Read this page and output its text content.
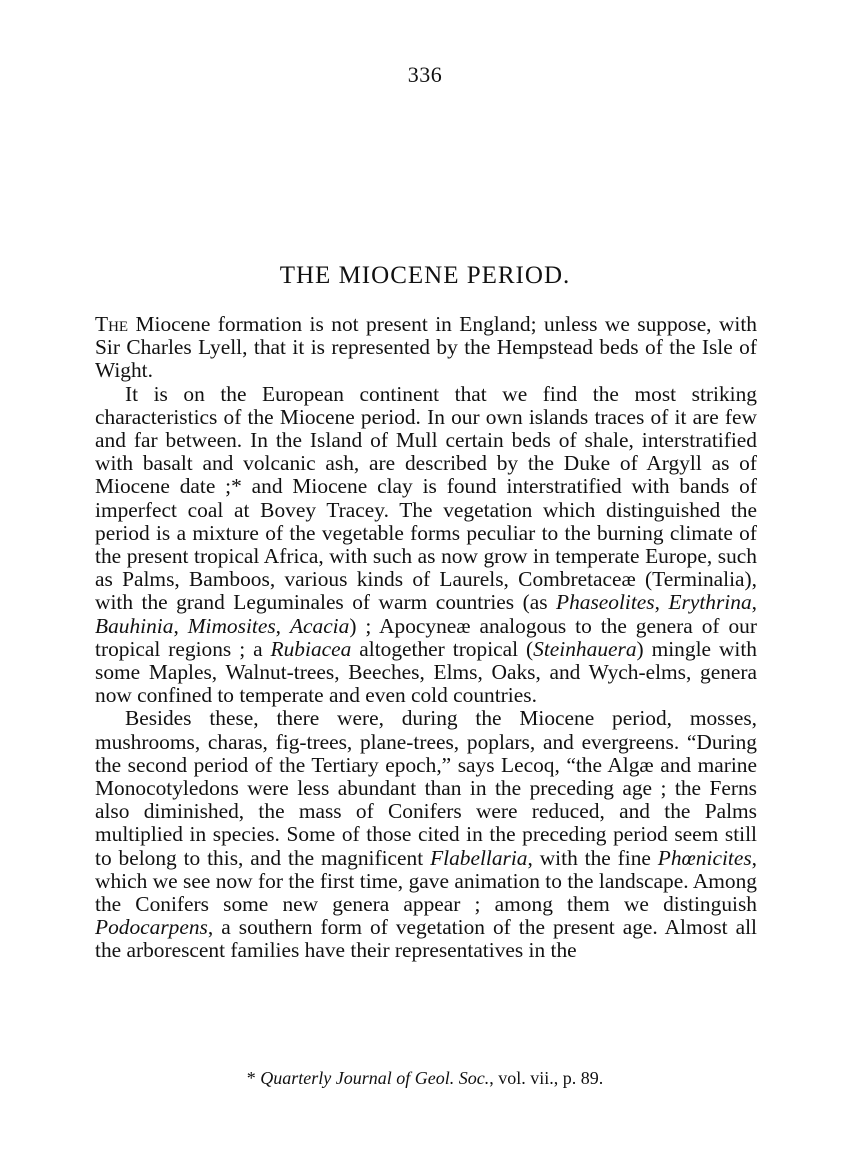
336
THE MIOCENE PERIOD.

The Miocene formation is not present in England; unless we suppose, with Sir Charles Lyell, that it is represented by the Hempstead beds of the Isle of Wight.

It is on the European continent that we find the most striking characteristics of the Miocene period. In our own islands traces of it are few and far between. In the Island of Mull certain beds of shale, interstratified with basalt and volcanic ash, are described by the Duke of Argyll as of Miocene date ;* and Miocene clay is found interstratified with bands of imperfect coal at Bovey Tracey. The vegetation which distinguished the period is a mixture of the vegetable forms peculiar to the burning climate of the present tropical Africa, with such as now grow in temperate Europe, such as Palms, Bamboos, various kinds of Laurels, Combretaceæ (Terminalia), with the grand Leguminales of warm countries (as Phaseolites, Erythrina, Bauhinia, Mimosites, Acacia) ; Apocyneæ analogous to the genera of our tropical regions ; a Rubiacea altogether tropical (Steinhauera) mingle with some Maples, Walnut-trees, Beeches, Elms, Oaks, and Wych-elms, genera now confined to temperate and even cold countries.

Besides these, there were, during the Miocene period, mosses, mushrooms, charas, fig-trees, plane-trees, poplars, and evergreens. “During the second period of the Tertiary epoch,” says Lecoq, “the Algæ and marine Monocotyledons were less abundant than in the preceding age ; the Ferns also diminished, the mass of Conifers were reduced, and the Palms multiplied in species. Some of those cited in the preceding period seem still to belong to this, and the magnificent Flabellaria, with the fine Phœnicites, which we see now for the first time, gave animation to the landscape. Among the Conifers some new genera appear ; among them we distinguish Podocarpens, a southern form of vegetation of the present age. Almost all the arborescent families have their representatives in the

* Quarterly Journal of Geol. Soc., vol. vii., p. 89.
